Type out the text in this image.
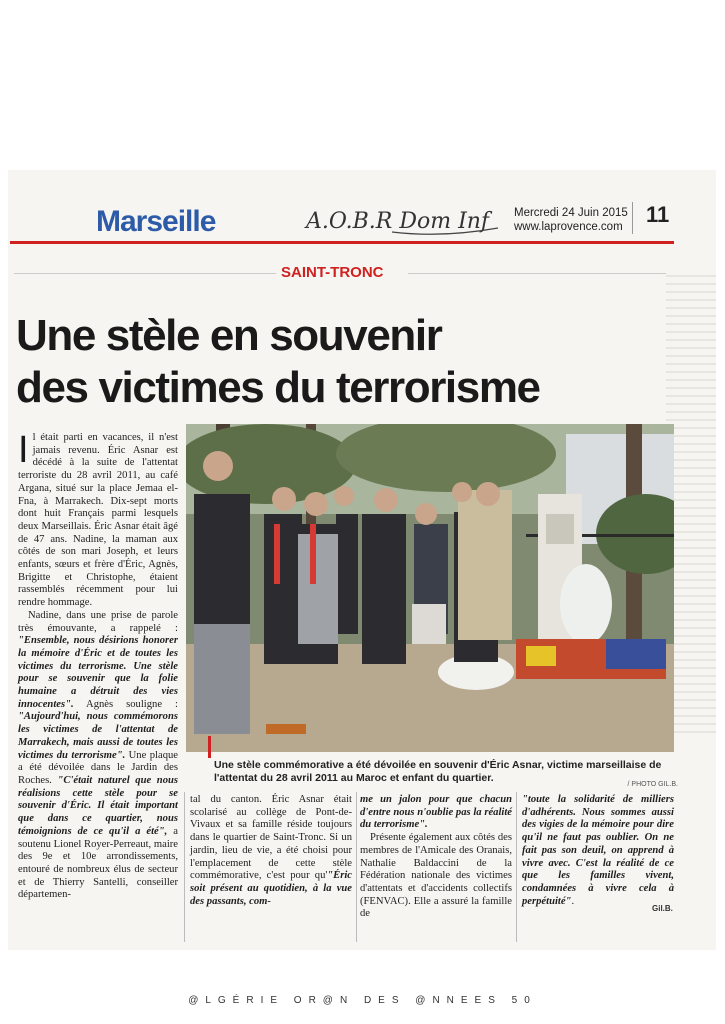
Marseille	A.O.B.R Dom Inf	Mercredi 24 Juin 2015
www.laprovence.com 11
SAINT-TRONC
Une stèle en souvenir
des victimes du terrorisme

Il était parti en vacances, il n'est jamais revenu. Éric Asnar est décédé à la suite de l'attentat terroriste du 28 avril 2011, au café Argana, situé sur la place Jemaa el-Fna, à Marrakech. Dix-sept morts dont huit Français parmi lesquels deux Marseillais. Éric Asnar était âgé de 47 ans. Nadine, la maman aux côtés de son mari Joseph, et leurs enfants, sœurs et frère d'Éric, Agnès, Brigitte et Christophe, étaient rassemblés récemment pour lui rendre hommage.

Nadine, dans une prise de parole très émouvante, a rappelé : "Ensemble, nous désirions honorer la mémoire d'Éric et de toutes les victimes du terrorisme. Une stèle pour se souvenir que la folie humaine a détruit des vies innocentes". Agnès souligne : "Aujourd'hui, nous commémorons les victimes de l'attentat de Marrakech, mais aussi de toutes les victimes du terrorisme". Une plaque a été dévoilée dans le Jardin des Roches. "C'était naturel que nous réalisions cette stèle pour se souvenir d'Éric. Il était important que dans ce quartier, nous témoignions de ce qu'il a été", a soutenu Lionel Royer-Perreaut, maire des 9e et 10e arrondissements, entouré de nombreux élus de secteur et de Thierry Santelli, conseiller départemen-

Une stèle commémorative a été dévoilée en souvenir d'Éric Asnar, victime marseillaise de l'attentat du 28 avril 2011 au Maroc et enfant du quartier.

/ PHOTO GIL.B.

tal du canton. Éric Asnar était scolarisé au collège de Pont-de-Vivaux et sa famille réside toujours dans le quartier de Saint-Tronc. Si un jardin, lieu de vie, a été choisi pour l'emplacement de cette stèle commémorative, c'est pour qu'"Éric soit présent au quotidien, à la vue des passants, com-

me un jalon pour que chacun d'entre nous n'oublie pas la réalité du terrorisme".

Présente également aux côtés des membres de l'Amicale des Oranais, Nathalie Baldaccini de la Fédération nationale des victimes d'attentats et d'accidents collectifs (FENVAC). Elle a assuré la famille de

"toute la solidarité de milliers d'adhérents. Nous sommes aussi des vigies de la mémoire pour dire qu'il ne faut pas oublier. On ne fait pas son deuil, on apprend à vivre avec. C'est la réalité de ce que les familles vivent, condamnées à vivre cela à perpétuité".

Gil.B.
@LGÉRIE OR@N DES @NNEES 50
